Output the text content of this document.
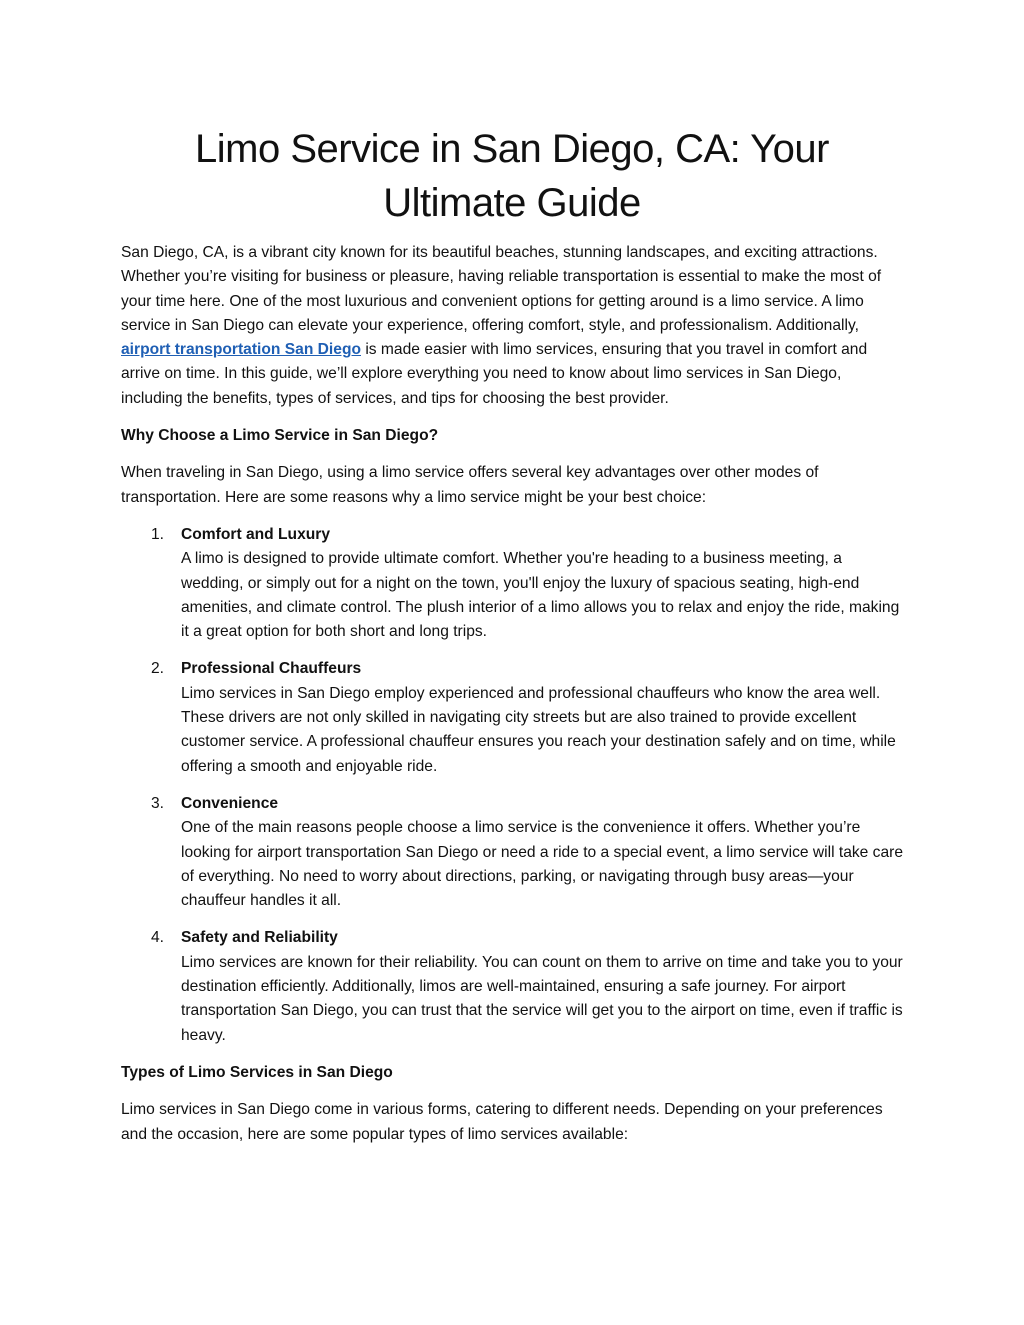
Limo Service in San Diego, CA: Your Ultimate Guide

San Diego, CA, is a vibrant city known for its beautiful beaches, stunning landscapes, and exciting attractions. Whether you’re visiting for business or pleasure, having reliable transportation is essential to make the most of your time here. One of the most luxurious and convenient options for getting around is a limo service. A limo service in San Diego can elevate your experience, offering comfort, style, and professionalism. Additionally, airport transportation San Diego is made easier with limo services, ensuring that you travel in comfort and arrive on time. In this guide, we’ll explore everything you need to know about limo services in San Diego, including the benefits, types of services, and tips for choosing the best provider.

Why Choose a Limo Service in San Diego?

When traveling in San Diego, using a limo service offers several key advantages over other modes of transportation. Here are some reasons why a limo service might be your best choice:

1. Comfort and Luxury
A limo is designed to provide ultimate comfort. Whether you're heading to a business meeting, a wedding, or simply out for a night on the town, you'll enjoy the luxury of spacious seating, high-end amenities, and climate control. The plush interior of a limo allows you to relax and enjoy the ride, making it a great option for both short and long trips.
2. Professional Chauffeurs
Limo services in San Diego employ experienced and professional chauffeurs who know the area well. These drivers are not only skilled in navigating city streets but are also trained to provide excellent customer service. A professional chauffeur ensures you reach your destination safely and on time, while offering a smooth and enjoyable ride.
3. Convenience
One of the main reasons people choose a limo service is the convenience it offers. Whether you’re looking for airport transportation San Diego or need a ride to a special event, a limo service will take care of everything. No need to worry about directions, parking, or navigating through busy areas—your chauffeur handles it all.
4. Safety and Reliability
Limo services are known for their reliability. You can count on them to arrive on time and take you to your destination efficiently. Additionally, limos are well-maintained, ensuring a safe journey. For airport transportation San Diego, you can trust that the service will get you to the airport on time, even if traffic is heavy.

Types of Limo Services in San Diego

Limo services in San Diego come in various forms, catering to different needs. Depending on your preferences and the occasion, here are some popular types of limo services available:
